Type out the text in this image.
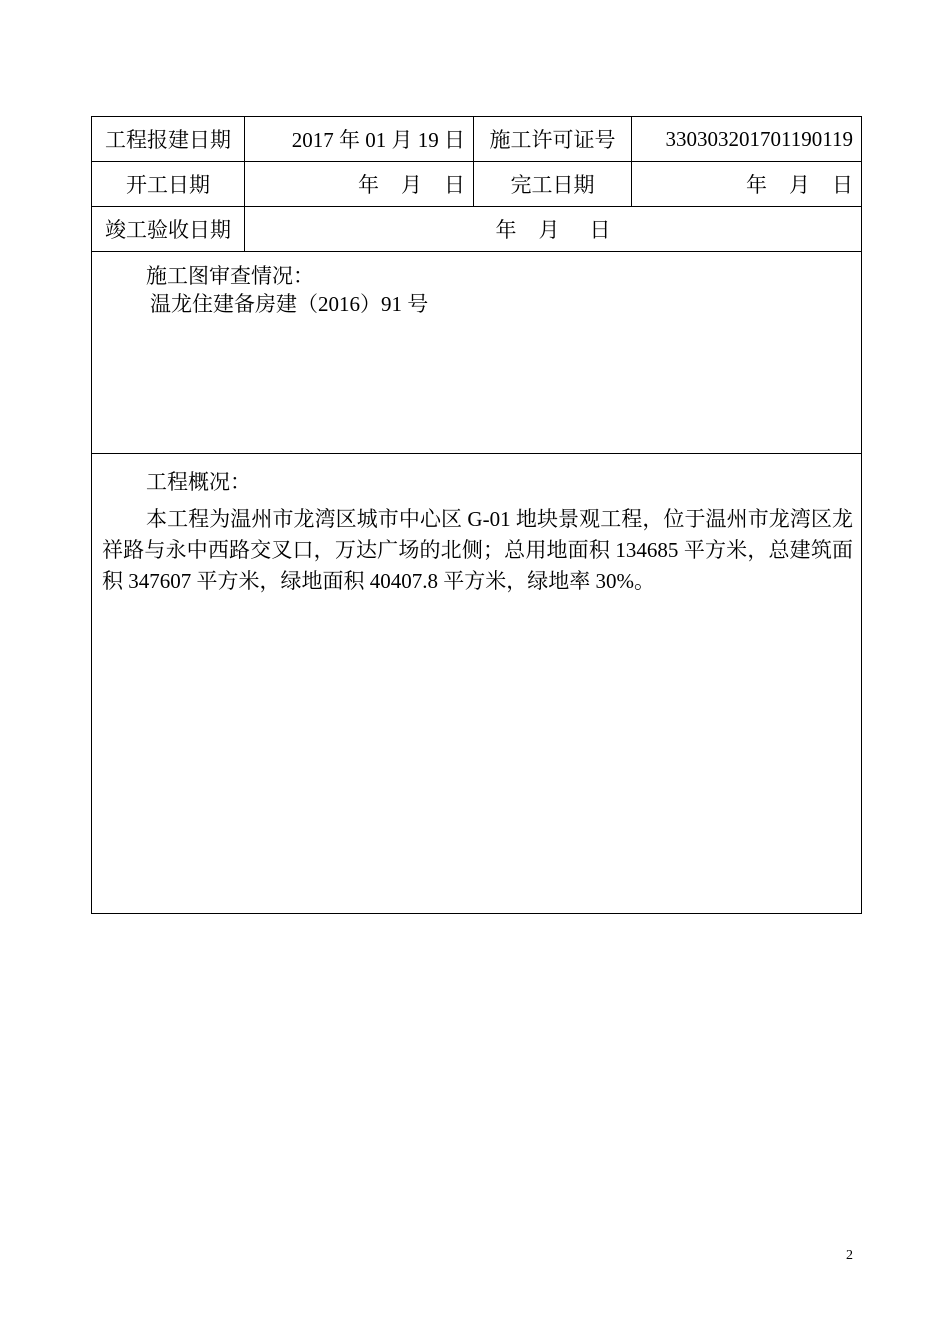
工程报建日期	2017 年 01 月 19 日	施工许可证号	330303201701190119
开工日期	年 月 日	完工日期	年 月 日
竣工验收日期	年 月 日		

施工图审查情况：
温龙住建备房建（2016）91 号			

工程概况：
本工程为温州市龙湾区城市中心区 G-01 地块景观工程，位于温州市龙湾区龙祥路与永中西路交叉口，万达广场的北侧；总用地面积 134685 平方米，总建筑面积 347607 平方米，绿地面积 40407.8 平方米，绿地率 30%。			
2
